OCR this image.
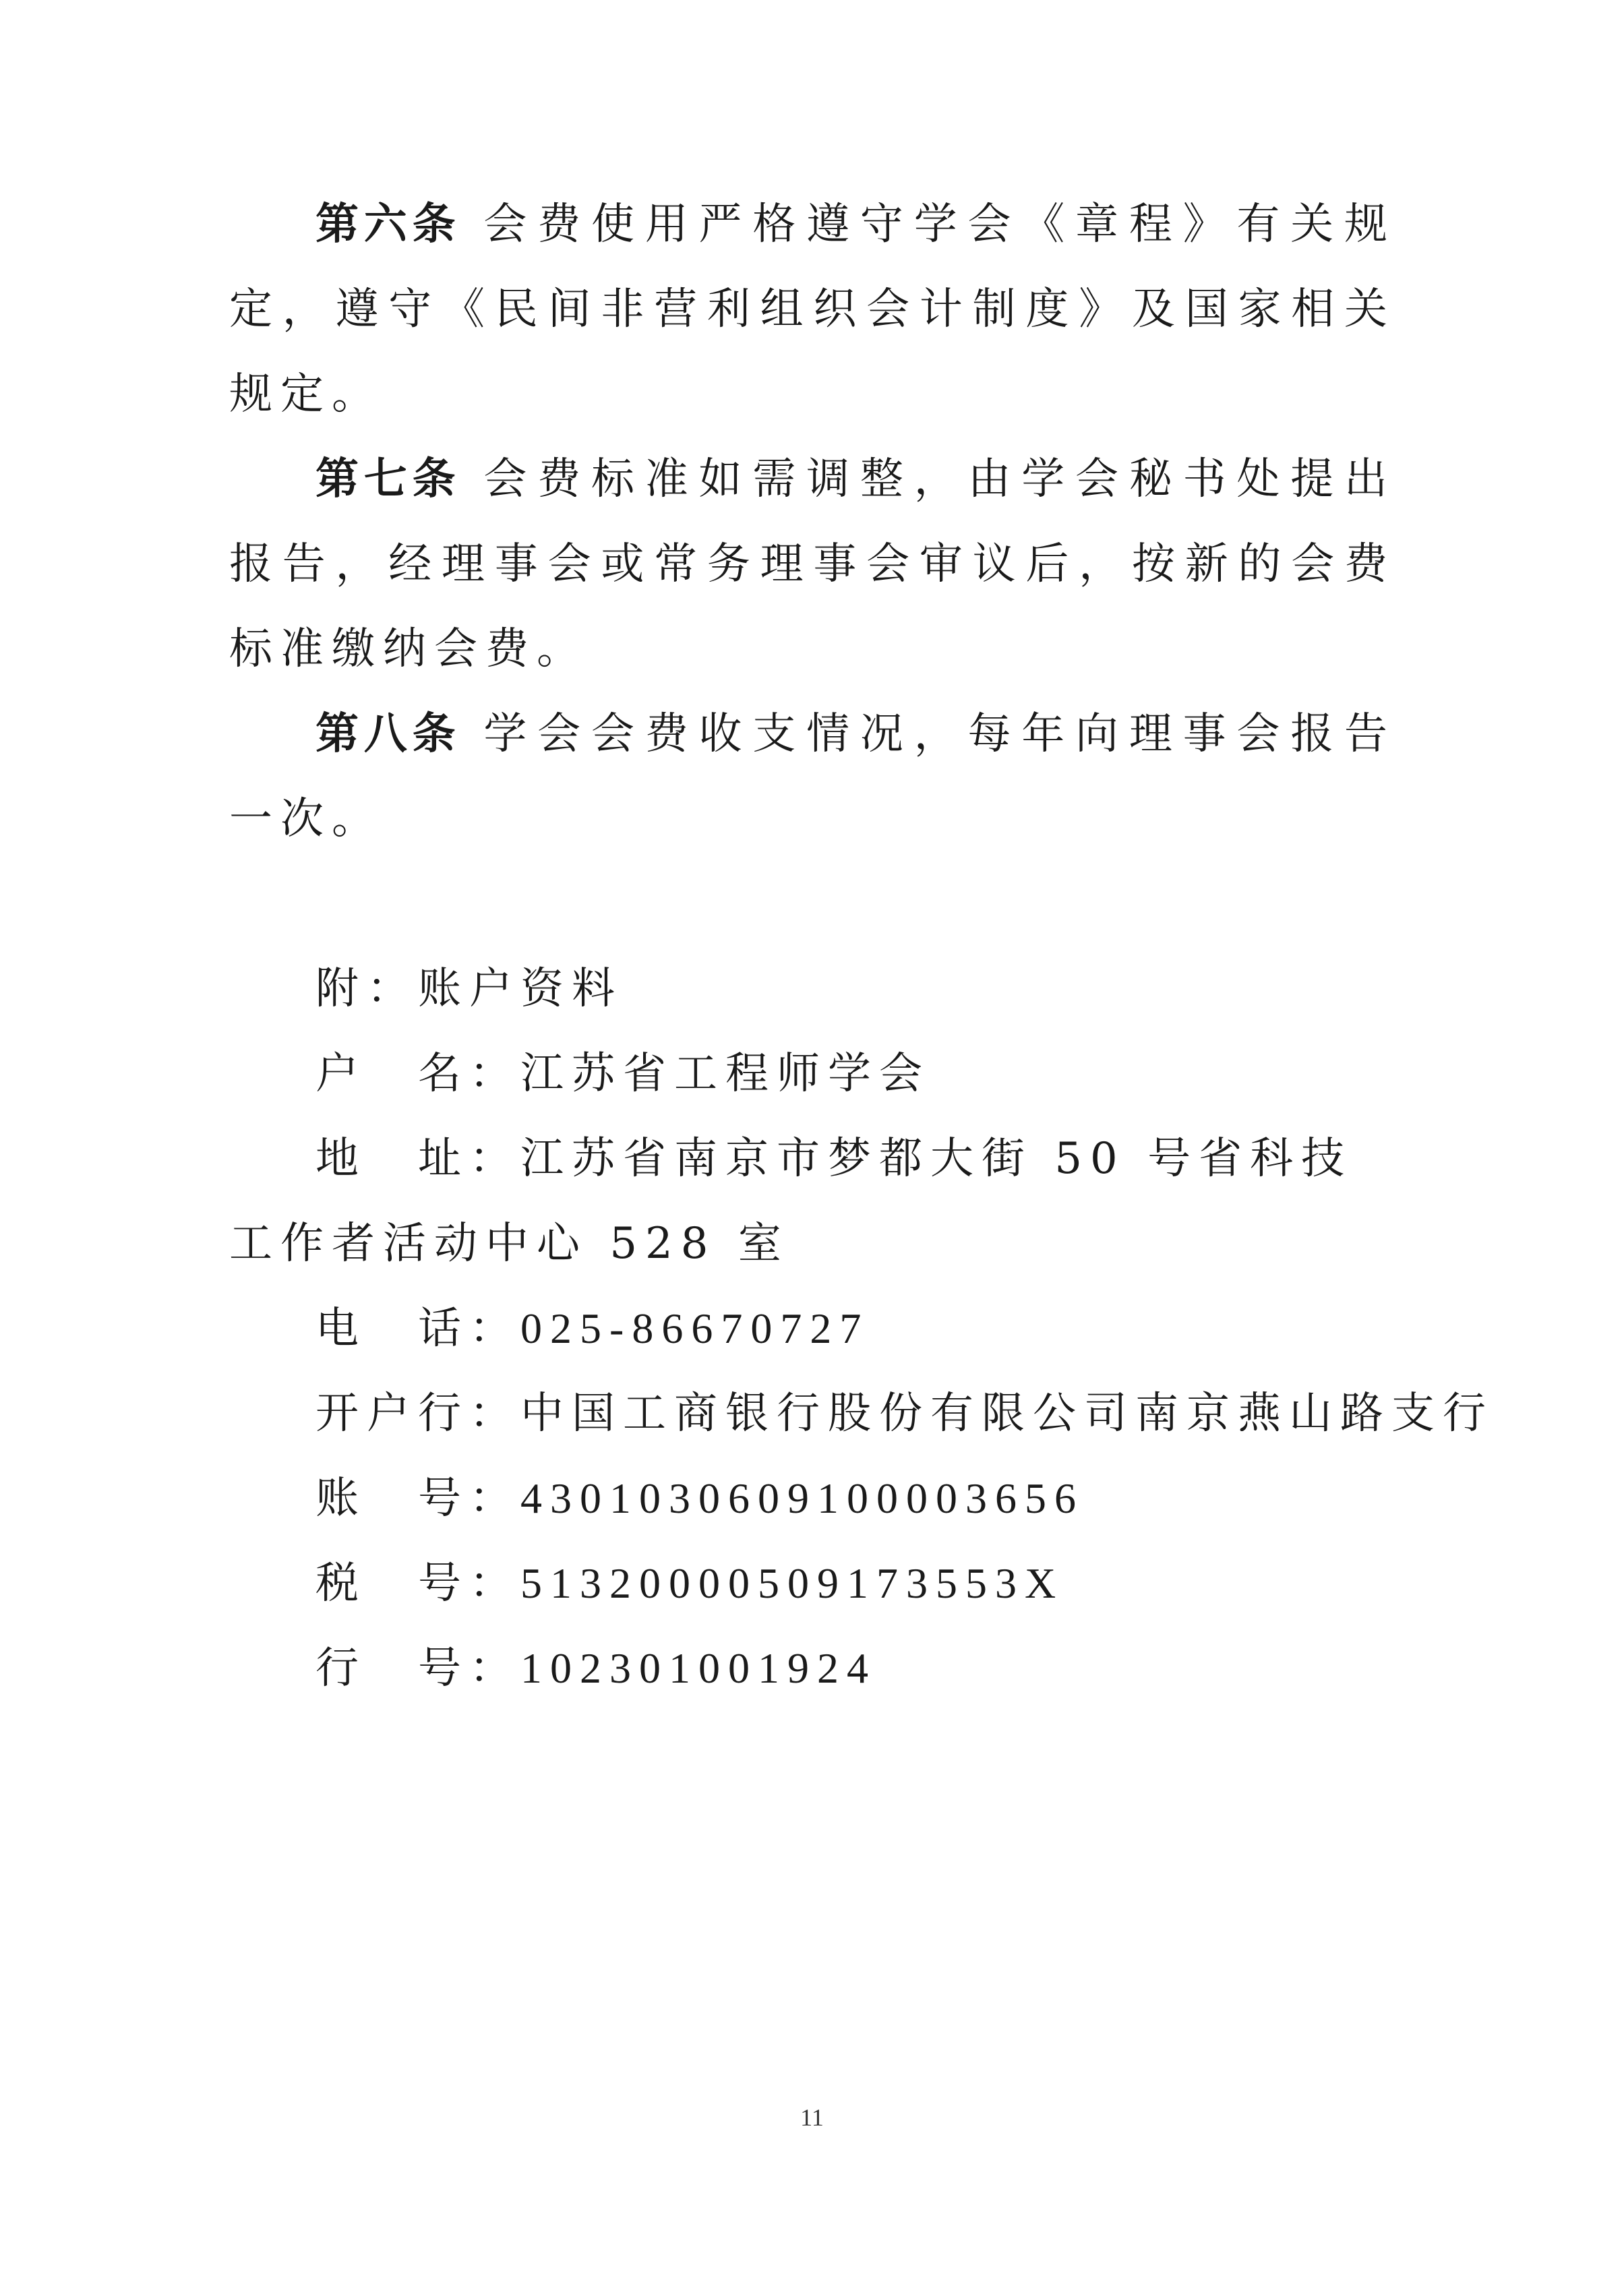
第六条 会费使用严格遵守学会《章程》有关规定，遵守《民间非营利组织会计制度》及国家相关规定。

第七条 会费标准如需调整，由学会秘书处提出报告，经理事会或常务理事会审议后，按新的会费标准缴纳会费。

第八条 学会会费收支情况，每年向理事会报告一次。

附：账户资料

户　名：江苏省工程师学会

地　址：江苏省南京市梦都大街 50 号省科技工作者活动中心 528 室

电　话：025-86670727

开户行：中国工商银行股份有限公司南京燕山路支行

账　号：4301030609100003656

税　号：51320000509173553X

行　号：102301001924

11
